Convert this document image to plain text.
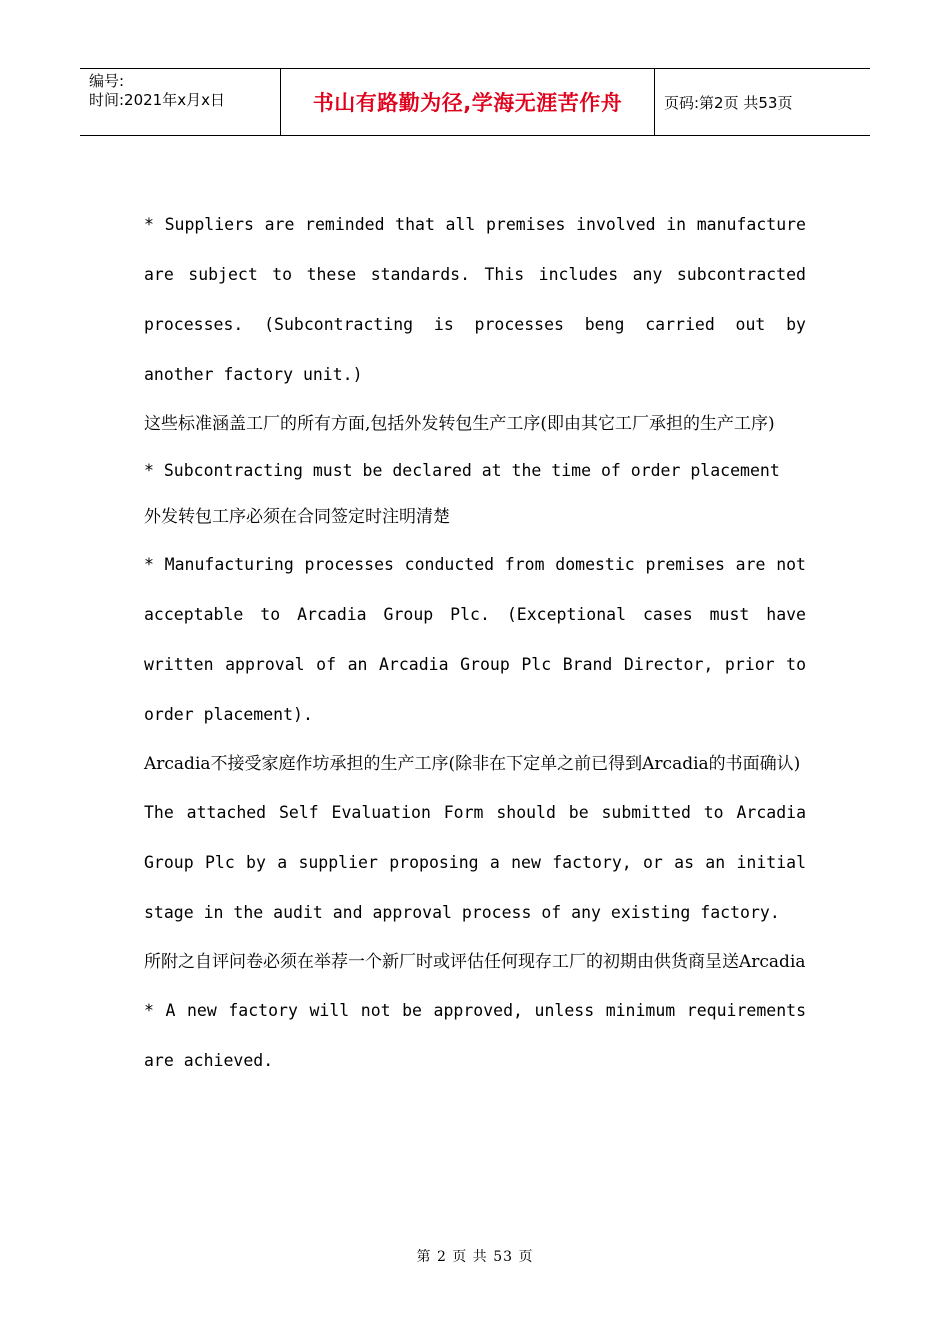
编号:
时间:2021年x月x日	书山有路勤为径,学海无涯苦作舟	页码:第2页 共53页

* Suppliers are reminded that all premises involved in manufacture are subject to these standards. This includes any subcontracted processes. (Subcontracting is processes beng carried out by another factory unit.)

这些标准涵盖工厂的所有方面,包括外发转包生产工序(即由其它工厂承担的生产工序)

* Subcontracting must be declared at the time of order placement

外发转包工序必须在合同签定时注明清楚

* Manufacturing processes conducted from domestic premises are not acceptable to Arcadia Group Plc. (Exceptional cases must have written approval of an Arcadia Group Plc Brand Director, prior to order placement).

Arcadia不接受家庭作坊承担的生产工序(除非在下定单之前已得到Arcadia的书面确认)

The attached Self Evaluation Form should be submitted to Arcadia Group Plc by a supplier proposing a new factory, or as an initial stage in the audit and approval process of any existing factory.

所附之自评问卷必须在举荐一个新厂时或评估任何现存工厂的初期由供货商呈送Arcadia

* A new factory will not be approved, unless minimum requirements are achieved.

第 2 页 共 53 页
